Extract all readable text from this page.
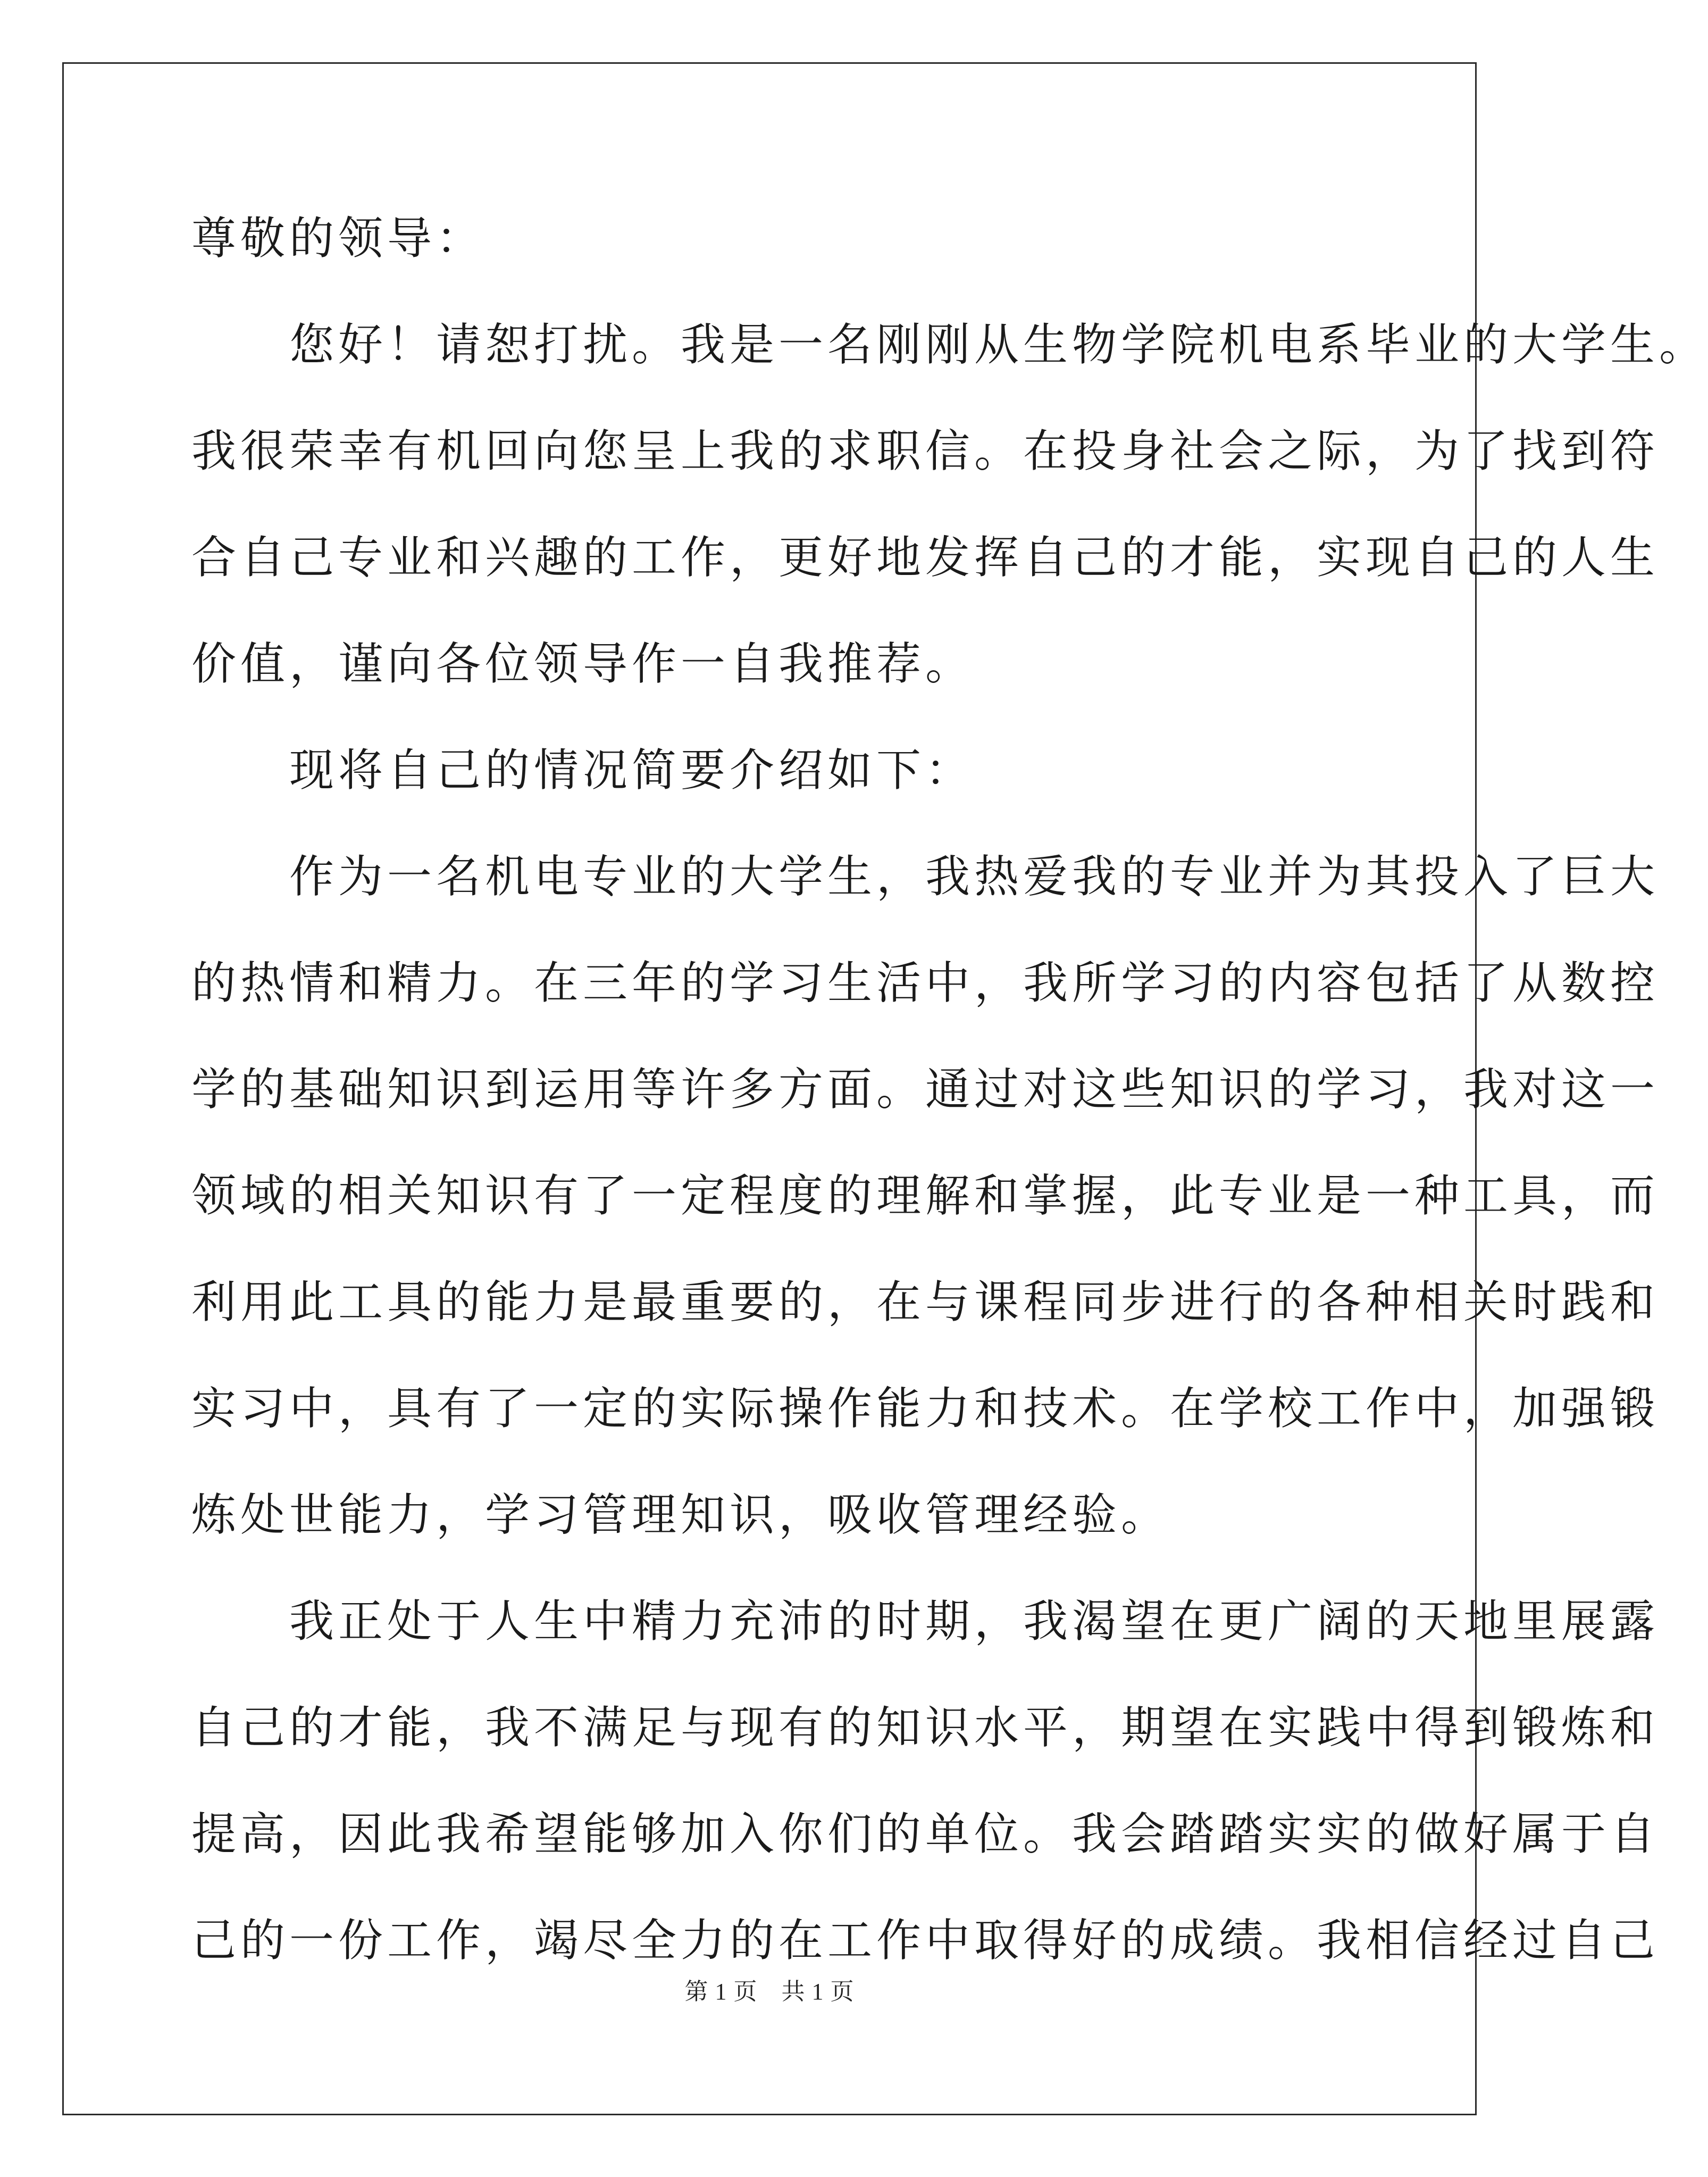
尊敬的领导：
　　您好！请恕打扰。我是一名刚刚从生物学院机电系毕业的大学生。
我很荣幸有机回向您呈上我的求职信。在投身社会之际，为了找到符
合自己专业和兴趣的工作，更好地发挥自己的才能，实现自己的人生
价值，谨向各位领导作一自我推荐。
　　现将自己的情况简要介绍如下：
　　作为一名机电专业的大学生，我热爱我的专业并为其投入了巨大
的热情和精力。在三年的学习生活中，我所学习的内容包括了从数控
学的基础知识到运用等许多方面。通过对这些知识的学习，我对这一
领域的相关知识有了一定程度的理解和掌握，此专业是一种工具，而
利用此工具的能力是最重要的，在与课程同步进行的各种相关时践和
实习中，具有了一定的实际操作能力和技术。在学校工作中，加强锻
炼处世能力，学习管理知识，吸收管理经验。
　　我正处于人生中精力充沛的时期，我渴望在更广阔的天地里展露
自己的才能，我不满足与现有的知识水平，期望在实践中得到锻炼和
提高，因此我希望能够加入你们的单位。我会踏踏实实的做好属于自
己的一份工作，竭尽全力的在工作中取得好的成绩。我相信经过自己
第 1 页　共 1 页
